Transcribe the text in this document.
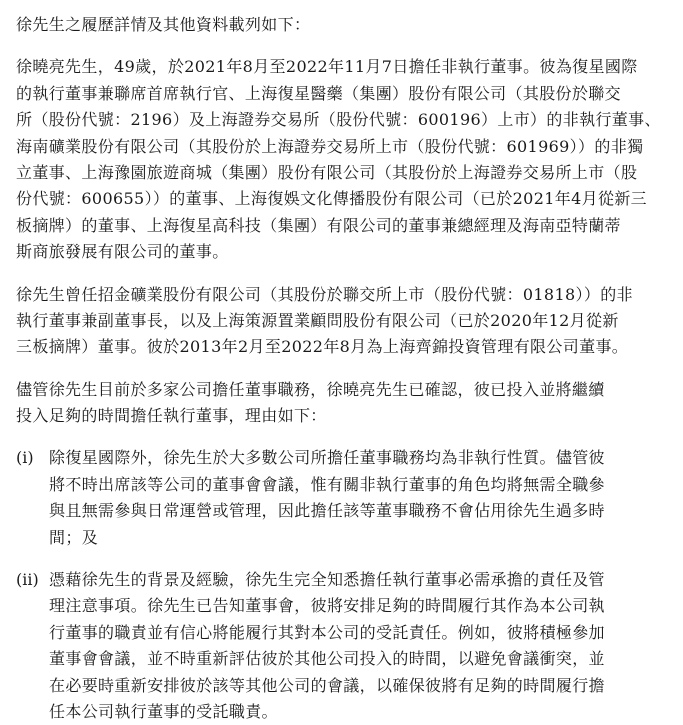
徐先生之履歷詳情及其他資料載列如下：
徐曉亮先生，49歲，於2021年8月至2022年11月7日擔任非執行董事。彼為復星國際
的執行董事兼聯席首席執行官、上海復星醫藥（集團）股份有限公司（其股份於聯交
所（股份代號：2196）及上海證券交易所（股份代號：600196）上市）的非執行董事、
海南礦業股份有限公司（其股份於上海證券交易所上市（股份代號：601969））的非獨
立董事、上海豫園旅遊商城（集團）股份有限公司（其股份於上海證券交易所上市（股
份代號：600655））的董事、上海復娛文化傳播股份有限公司（已於2021年4月從新三
板摘牌）的董事、上海復星高科技（集團）有限公司的董事兼總經理及海南亞特蘭蒂
斯商旅發展有限公司的董事。
徐先生曾任招金礦業股份有限公司（其股份於聯交所上市（股份代號：01818））的非
執行董事兼副董事長，以及上海策源置業顧問股份有限公司（已於2020年12月從新
三板摘牌）董事。彼於2013年2月至2022年8月為上海齊錦投資管理有限公司董事。
儘管徐先生目前於多家公司擔任董事職務，徐曉亮先生已確認，彼已投入並將繼續
投入足夠的時間擔任執行董事，理由如下：
(i) 除復星國際外，徐先生於大多數公司所擔任董事職務均為非執行性質。儘管彼
將不時出席該等公司的董事會會議，惟有關非執行董事的角色均將無需全職參
與且無需參與日常運營或管理，因此擔任該等董事職務不會佔用徐先生過多時
間；及
(ii) 憑藉徐先生的背景及經驗，徐先生完全知悉擔任執行董事必需承擔的責任及管
理注意事項。徐先生已告知董事會，彼將安排足夠的時間履行其作為本公司執
行董事的職責並有信心將能履行其對本公司的受託責任。例如，彼將積極參加
董事會會議，並不時重新評估彼於其他公司投入的時間，以避免會議衝突，並
在必要時重新安排彼於該等其他公司的會議，以確保彼將有足夠的時間履行擔
任本公司執行董事的受託職責。
